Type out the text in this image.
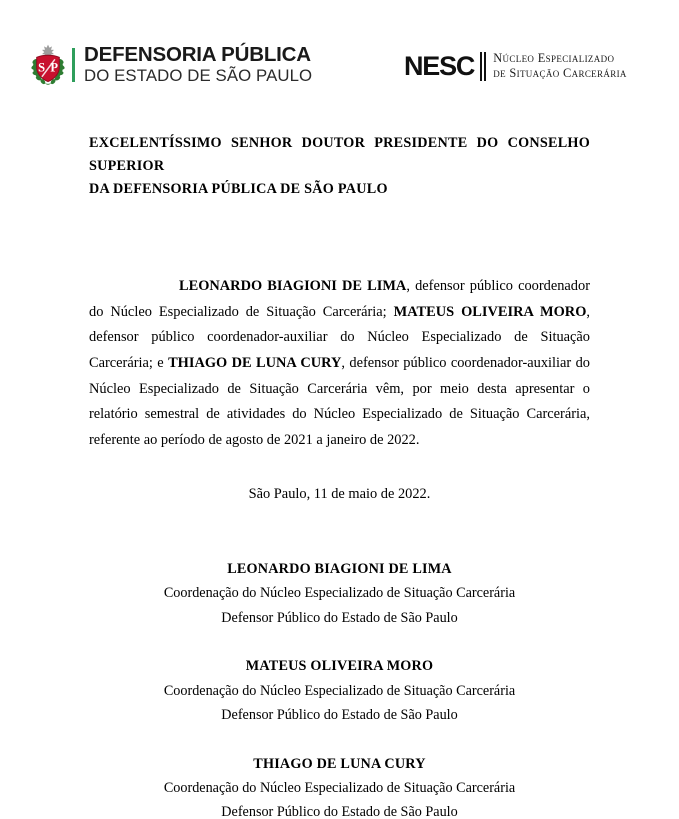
S P
DEFENSORIA PÚBLICA
DO ESTADO DE SÃO PAULO	NESC Núcleo Especializado
de Situação Carcerária
EXCELENTÍSSIMO SENHOR DOUTOR PRESIDENTE DO CONSELHO SUPERIOR
DA DEFENSORIA PÚBLICA DE SÃO PAULO

LEONARDO BIAGIONI DE LIMA, defensor público coordenador do Núcleo Especializado de Situação Carcerária; MATEUS OLIVEIRA MORO, defensor público coordenador-auxiliar do Núcleo Especializado de Situação Carcerária; e THIAGO DE LUNA CURY, defensor público coordenador-auxiliar do Núcleo Especializado de Situação Carcerária vêm, por meio desta apresentar o relatório semestral de atividades do Núcleo Especializado de Situação Carcerária, referente ao período de agosto de 2021 a janeiro de 2022.

São Paulo, 11 de maio de 2022.

LEONARDO BIAGIONI DE LIMA
Coordenação do Núcleo Especializado de Situação Carcerária
Defensor Público do Estado de São Paulo
MATEUS OLIVEIRA MORO
Coordenação do Núcleo Especializado de Situação Carcerária
Defensor Público do Estado de São Paulo
THIAGO DE LUNA CURY
Coordenação do Núcleo Especializado de Situação Carcerária
Defensor Público do Estado de São Paulo
